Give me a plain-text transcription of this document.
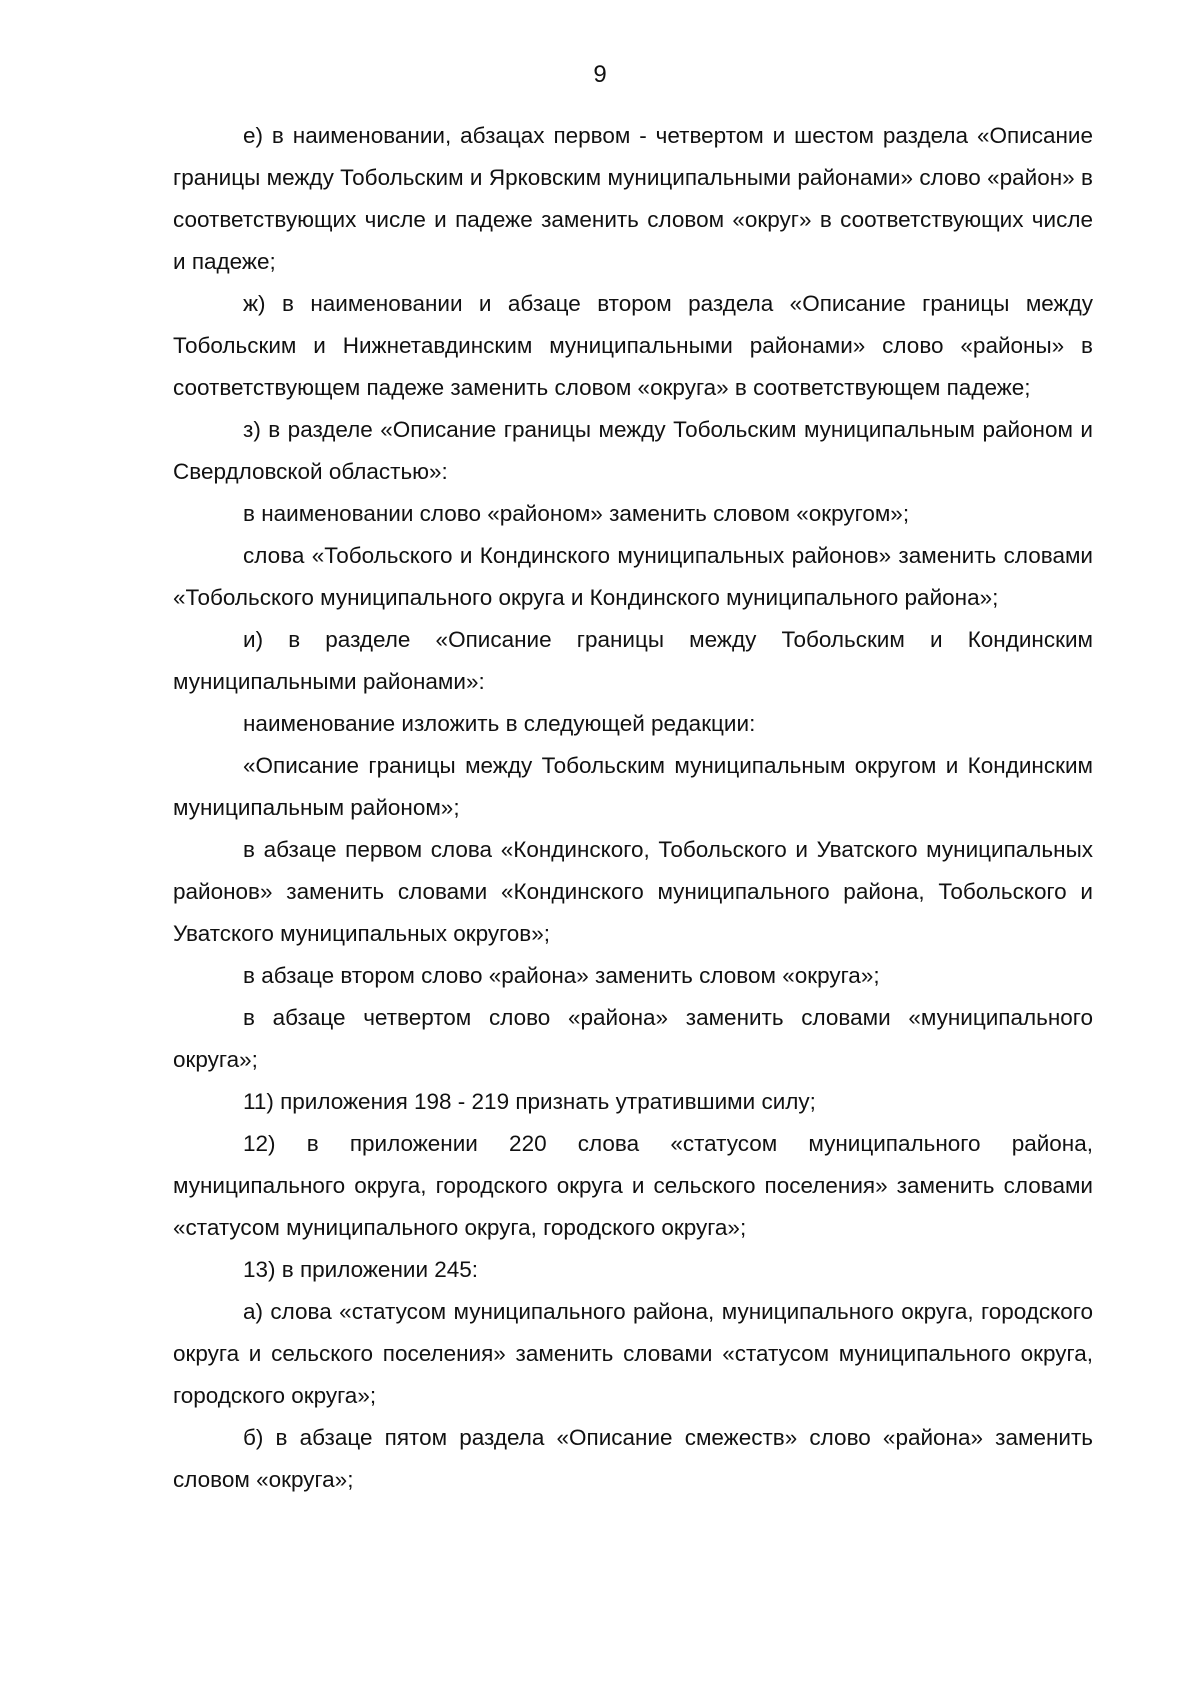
9

е) в наименовании, абзацах первом - четвертом и шестом раздела «Описание границы между Тобольским и Ярковским муниципальными районами» слово «район» в соответствующих числе и падеже заменить словом «округ» в соответствующих числе и падеже;

ж) в наименовании и абзаце втором раздела «Описание границы между Тобольским и Нижнетавдинским муниципальными районами» слово «районы» в соответствующем падеже заменить словом «округа» в соответствующем падеже;

з) в разделе «Описание границы между Тобольским муниципальным районом и Свердловской областью»:

в наименовании слово «районом» заменить словом «округом»;

слова «Тобольского и Кондинского муниципальных районов» заменить словами «Тобольского муниципального округа и Кондинского муниципального района»;

и) в разделе «Описание границы между Тобольским и Кондинским муниципальными районами»:

наименование изложить в следующей редакции:

«Описание границы между Тобольским муниципальным округом и Кондинским муниципальным районом»;

в абзаце первом слова «Кондинского, Тобольского и Уватского муниципальных районов» заменить словами «Кондинского муниципального района, Тобольского и Уватского муниципальных округов»;

в абзаце втором слово «района» заменить словом «округа»;

в абзаце четвертом слово «района» заменить словами «муниципального округа»;

11) приложения 198 - 219 признать утратившими силу;

12) в приложении 220 слова «статусом муниципального района, муниципального округа, городского округа и сельского поселения» заменить словами «статусом муниципального округа, городского округа»;

13) в приложении 245:

а) слова «статусом муниципального района, муниципального округа, городского округа и сельского поселения» заменить словами «статусом муниципального округа, городского округа»;

б) в абзаце пятом раздела «Описание смежеств» слово «района» заменить словом «округа»;
